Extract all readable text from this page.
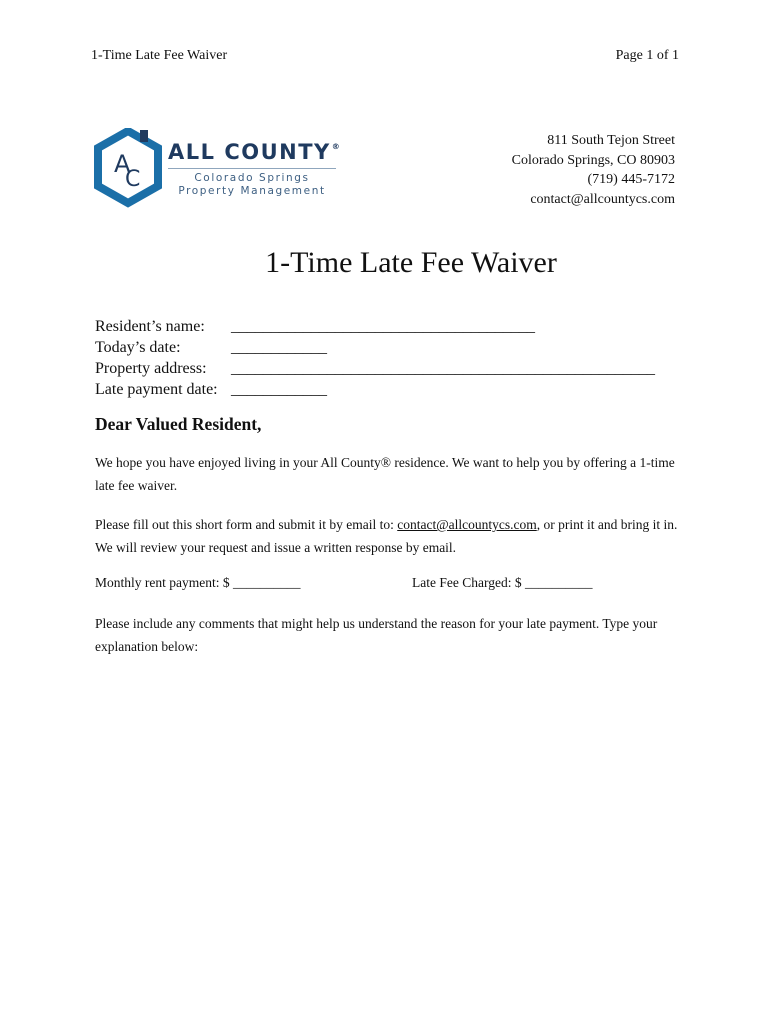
1-Time Late Fee Waiver	Page 1 of 1
A
C
ALL COUNTY®
Colorado Springs
Property Management
811 South Tejon Street
Colorado Springs, CO 80903
(719) 445-7172
contact@allcountycs.com
1-Time Late Fee Waiver
Resident’s name:	______________________________________
Today’s date:	____________
Property address:	_____________________________________________________
Late payment date: ____________
Dear Valued Resident,
We hope you have enjoyed living in your All County® residence. We want to help you by offering a 1-time late fee waiver.
Please fill out this short form and submit it by email to: contact@allcountycs.com, or print it and bring it in. We will review your request and issue a written response by email.
Monthly rent payment: $ __________	Late Fee Charged: $ __________
Please include any comments that might help us understand the reason for your late payment. Type your explanation below:
